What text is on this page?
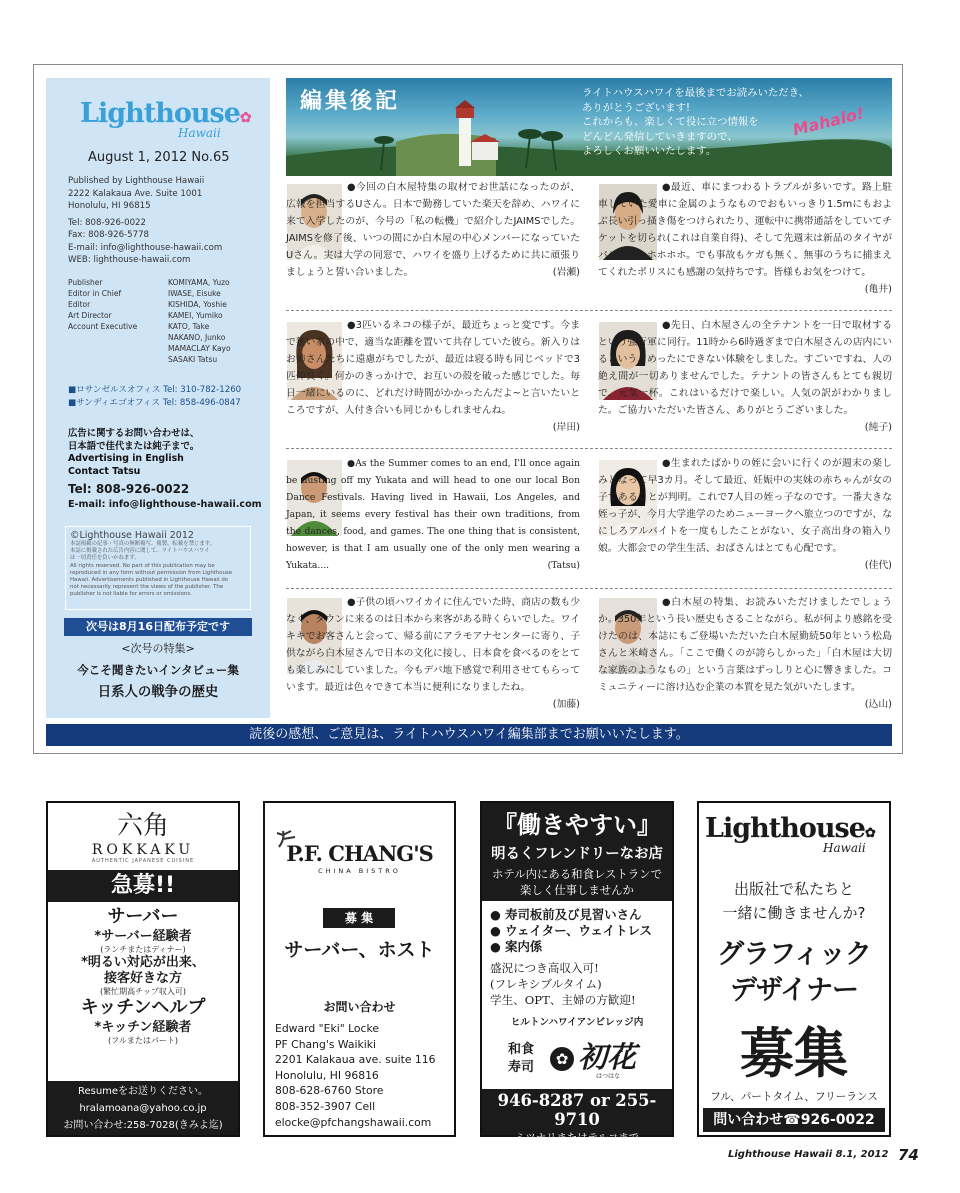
Lighthouse✿
Hawaii
August 1, 2012 No.65
Published by Lighthouse Hawaii
2222 Kalakaua Ave. Suite 1001
Honolulu, HI 96815
Tel: 808-926-0022
Fax: 808-926-5778
E-mail: info@lighthouse-hawaii.com
WEB: lighthouse-hawaii.com
Publisher	KOMIYAMA, Yuzo
Editor in Chief	IWASE, Eisuke
Editor	KISHIDA, Yoshie
Art Director	KAMEI, Yumiko
Account Executive	KATO, Take
	NAKANO, Junko
	MAMACLAY Kayo
	SASAKI Tatsu
■ロサンゼルスオフィス Tel: 310-782-1260
■サンディエゴオフィス Tel: 858-496-0847
広告に関するお問い合わせは、
日本語で佳代または純子まで。
Advertising in English
Contact Tatsu
Tel: 808-926-0022
E-mail: info@lighthouse-hawaii.com
©Lighthouse Hawaii 2012
本誌掲載の記事・写真の無断複写、複製、転載を禁じます。
本誌に掲載された広告内容に関して、ライトハウスハワイ
は一切責任を負いかねます。
All rights reserved. No part of this publication may be
reproduced in any form without permission from Lighthouse
Hawaii. Advertisements published in Lighthouse Hawaii do
not necessarily represent the views of the publisher. The
publisher is not liable for errors or omissions.
次号は8月16日配布予定です
<次号の特集>
今こそ聞きたいインタビュー集
日系人の戦争の歴史
編集後記	ライトハウスハワイを最後までお読みいただき、
ありがとうございます!
これからも、楽しくて役に立つ情報を
どんどん発信していきますので、
よろしくお願いいたします。
Mahalo!
●今回の白木屋特集の取材でお世話になったのが、広報を担当するUさん。日本で勤務していた楽天を辞め、ハワイに来て入学したのが、今号の「私の転機」で紹介したJAIMSでした。JAIMSを修了後、いつの間にか白木屋の中心メンバーになっていたUさん。実は大学の同窓で、ハワイを盛り上げるために共に頑張りましょうと誓い合いました。	(岩瀬)
●最近、車にまつわるトラブルが多いです。路上駐車していた愛車に金属のようなものでおもいっきり1.5mにもおよぶ長い引っ掻き傷をつけられたり、運転中に携帯通話をしていてチケットを切られ(これは自業自得)、そして先週末は新品のタイヤがパンク…トホホホホ。でも事故もケガも無く、無事のうちに捕まえてくれたポリスにも感謝の気持ちです。皆様もお気をつけて。
(亀井)
●3匹いるネコの様子が、最近ちょっと変です。今まで狭い家の中で、適当な距離を置いて共存していた彼ら。新入りはお姉さんたちに遠慮がちでしたが、最近は寝る時も同じベッドで3匹仲良く。何かのきっかけで、お互いの殻を破った感じでした。毎日一緒にいるのに、どれだけ時間がかかったんだよ~と言いたいところですが、人付き合いも同じかもしれませんね。
(岸田)
●先日、白木屋さんの全テナントを一日で取材するという強行軍に同行。11時から6時過ぎまで白木屋さんの店内にいるという、めったにできない体験をしました。すごいですね、人の絶え間が一切ありませんでした。テナントの皆さんもとても親切で、元気一杯。これはいるだけで楽しい。人気の訳がわかりました。ご協力いただいた皆さん、ありがとうございました。
(純子)
●As the Summer comes to an end, I'll once again be dusting off my Yukata and will head to one our local Bon Dance Festivals. Having lived in Hawaii, Los Angeles, and Japan, it seems every festival has their own traditions, from the dances, food, and games. The one thing that is consistent, however, is that I am usually one of the only men wearing a Yukata....	(Tatsu)
●生まれたばかりの姪に会いに行くのが週末の楽しみとなって早3カ月。そして最近、妊娠中の実妹の赤ちゃんが女の子であることが判明。これで7人目の姪っ子なのです。一番大きな姪っ子が、今月大学進学のためニューヨークへ旅立つのですが、なにしろアルバイトを一度もしたことがない、女子高出身の箱入り娘。大都会での学生生活、おばさんはとても心配です。
(佳代)
●子供の頃ハワイカイに住んでいた時、商店の数も少なく、タウンに来るのは日本から来客がある時くらいでした。ワイキキでお客さんと会って、帰る前にアラモアナセンターに寄り、子供ながら白木屋さんで日本の文化に接し、日本食を食べるのをとても楽しみにしていました。今もデパ地下感覚で利用させてもらっています。最近は色々できて本当に便利になりましたね。
(加藤)
●白木屋の特集、お読みいただけましたでしょうか。350年という長い歴史もさることながら、私が何より感銘を受けたのは、本誌にもご登場いただいた白木屋勤続50年という松島さんと米崎さん。「ここで働くのが誇らしかった」「白木屋は大切な家族のようなもの」という言葉はずっしりと心に響きました。コミュニティーに溶け込む企業の本質を見た気がいたします。
(込山)
読後の感想、ご意見は、ライトハウスハワイ編集部までお願いいたします。
六角
ROKKAKU
AUTHENTIC JAPANESE CUISINE
急募!!
サーバー
*サーバー経験者
(ランチまたはディナー)
*明るい対応が出来、
接客好きな方
(繁忙期高チップ収入可)
キッチンヘルプ
*キッチン経験者
(フルまたはパート)
Resumeをお送りください。
hralamoana@yahoo.co.jp
お問い合わせ:258-7028(きみよ迄)
P.F. CHANG'S
CHINA BISTRO
募 集
サーバー、ホスト
お問い合わせ
Edward "Eki" Locke
PF Chang's Waikiki
2201 Kalakaua ave. suite 116
Honolulu, HI 96816
808-628-6760 Store
808-352-3907 Cell
elocke@pfchangshawaii.com
『働きやすい』
明るくフレンドリーなお店
ホテル内にある和食レストランで
楽しく仕事しませんか
● 寿司板前及び見習いさん
● ウェイター、ウェイトレス
● 案内係
盛況につき高収入可!
(フレキシブルタイム)
学生、OPT、主婦の方歓迎!
ヒルトンハワイアンビレッジ内
和食
寿司	✿ 初花
はつはな
946-8287 or 255-9710
ミツナリまたはテルコまで
Lighthouse✿
Hawaii
出版社で私たちと
一緒に働きませんか?
グラフィック
デザイナー
募集
フル、パートタイム、フリーランス
問い合わせ☎926-0022
Lighthouse Hawaii 8.1, 2012 74
